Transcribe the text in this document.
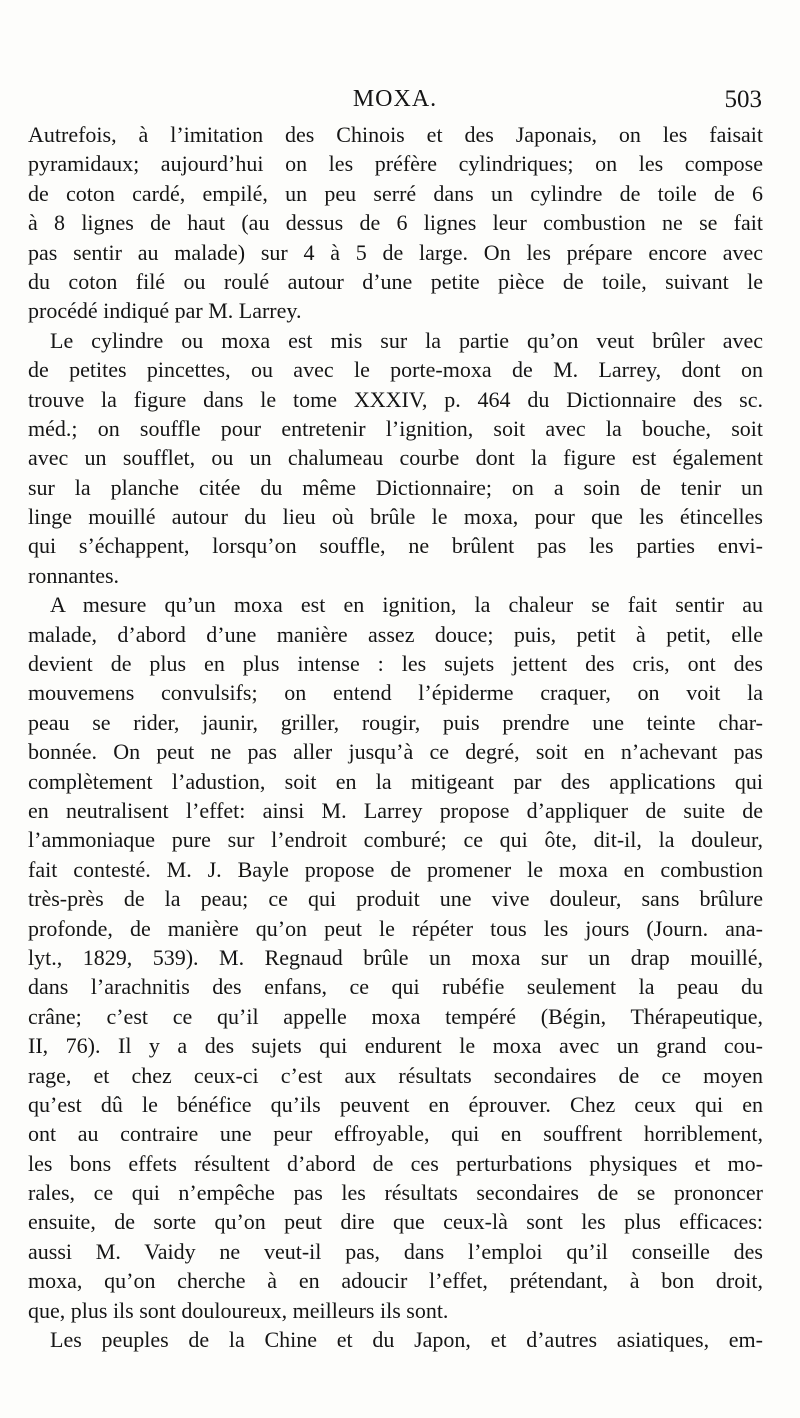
MOXA.	503
Autrefois, à l’imitation des Chinois et des Japonais, on les faisait
pyramidaux; aujourd’hui on les préfère cylindriques; on les compose
de coton cardé, empilé, un peu serré dans un cylindre de toile de 6
à 8 lignes de haut (au dessus de 6 lignes leur combustion ne se fait
pas sentir au malade) sur 4 à 5 de large. On les prépare encore avec
du coton filé ou roulé autour d’une petite pièce de toile, suivant le
procédé indiqué par M. Larrey.
Le cylindre ou moxa est mis sur la partie qu’on veut brûler avec
de petites pincettes, ou avec le porte-moxa de M. Larrey, dont on
trouve la figure dans le tome XXXIV, p. 464 du Dictionnaire des sc.
méd.; on souffle pour entretenir l’ignition, soit avec la bouche, soit
avec un soufflet, ou un chalumeau courbe dont la figure est également
sur la planche citée du même Dictionnaire; on a soin de tenir un
linge mouillé autour du lieu où brûle le moxa, pour que les étincelles
qui s’échappent, lorsqu’on souffle, ne brûlent pas les parties envi-
ronnantes.
A mesure qu’un moxa est en ignition, la chaleur se fait sentir au
malade, d’abord d’une manière assez douce; puis, petit à petit, elle
devient de plus en plus intense : les sujets jettent des cris, ont des
mouvemens convulsifs; on entend l’épiderme craquer, on voit la
peau se rider, jaunir, griller, rougir, puis prendre une teinte char-
bonnée. On peut ne pas aller jusqu’à ce degré, soit en n’achevant pas
complètement l’adustion, soit en la mitigeant par des applications qui
en neutralisent l’effet: ainsi M. Larrey propose d’appliquer de suite de
l’ammoniaque pure sur l’endroit comburé; ce qui ôte, dit-il, la douleur,
fait contesté. M. J. Bayle propose de promener le moxa en combustion
très-près de la peau; ce qui produit une vive douleur, sans brûlure
profonde, de manière qu’on peut le répéter tous les jours (Journ. ana-
lyt., 1829, 539). M. Regnaud brûle un moxa sur un drap mouillé,
dans l’arachnitis des enfans, ce qui rubéfie seulement la peau du
crâne; c’est ce qu’il appelle moxa tempéré (Bégin, Thérapeutique,
II, 76). Il y a des sujets qui endurent le moxa avec un grand cou-
rage, et chez ceux-ci c’est aux résultats secondaires de ce moyen
qu’est dû le bénéfice qu’ils peuvent en éprouver. Chez ceux qui en
ont au contraire une peur effroyable, qui en souffrent horriblement,
les bons effets résultent d’abord de ces perturbations physiques et mo-
rales, ce qui n’empêche pas les résultats secondaires de se prononcer
ensuite, de sorte qu’on peut dire que ceux-là sont les plus efficaces:
aussi M. Vaidy ne veut-il pas, dans l’emploi qu’il conseille des
moxa, qu’on cherche à en adoucir l’effet, prétendant, à bon droit,
que, plus ils sont douloureux, meilleurs ils sont.
Les peuples de la Chine et du Japon, et d’autres asiatiques, em-
